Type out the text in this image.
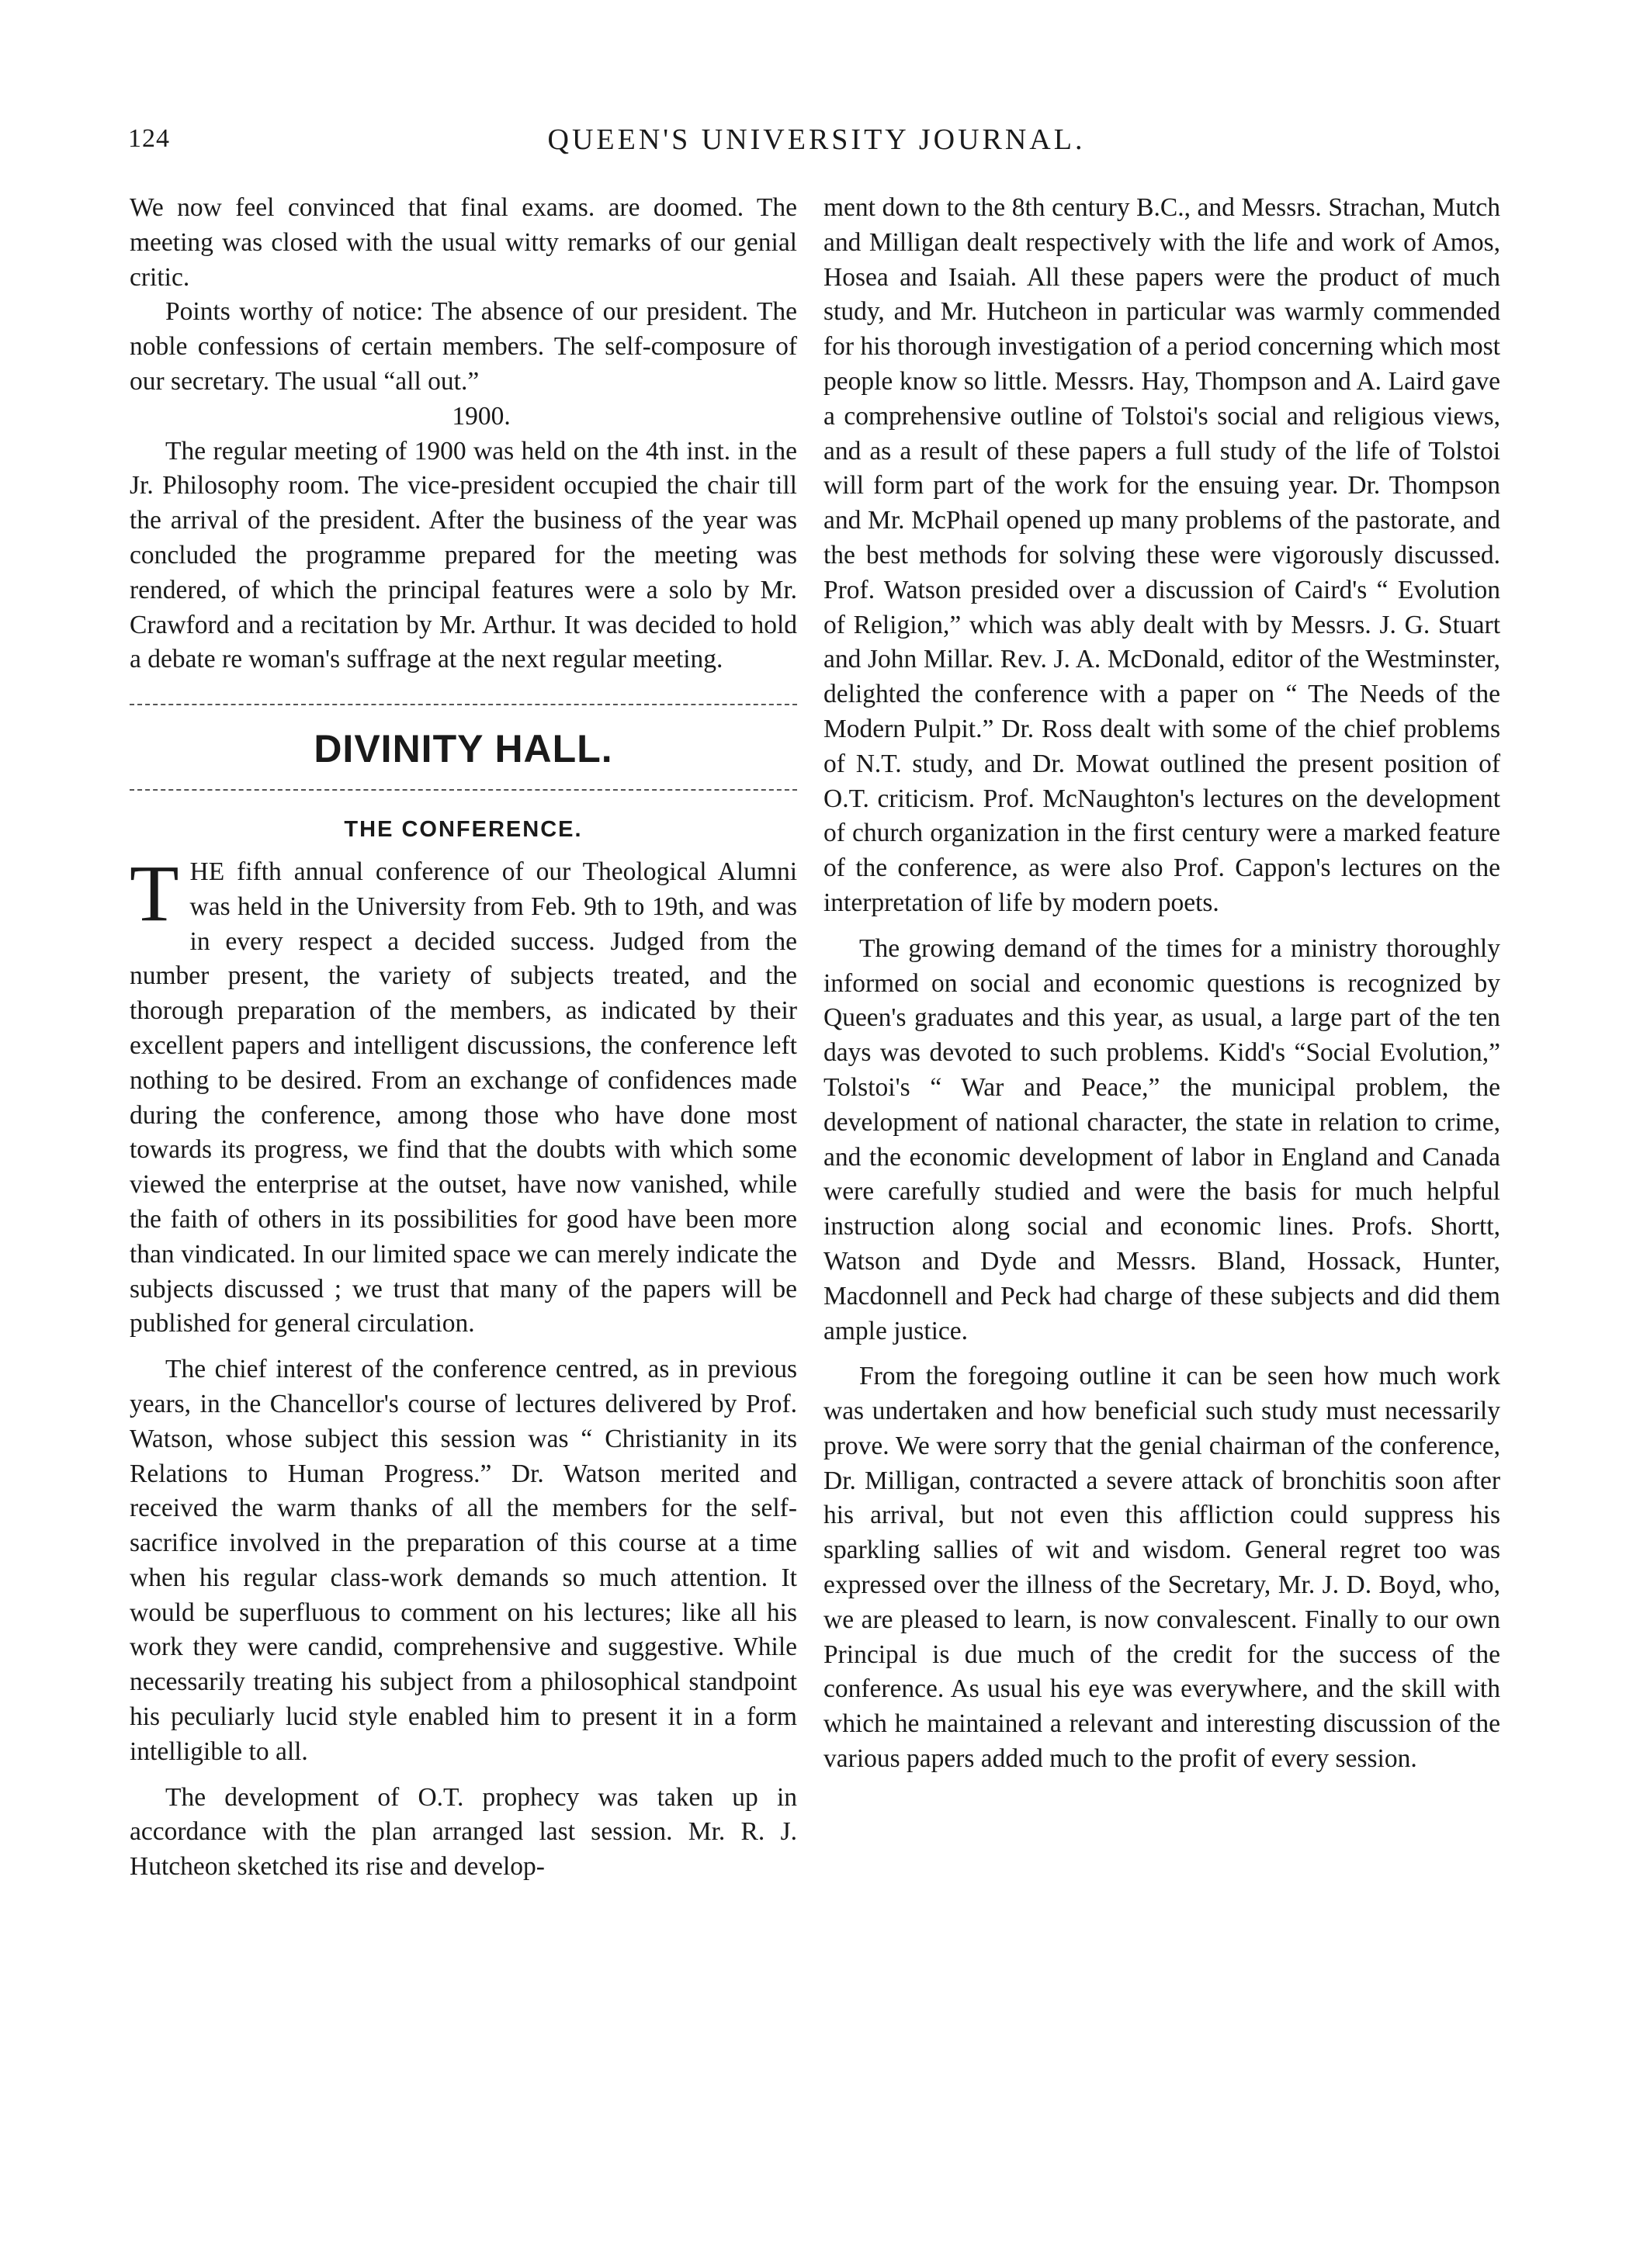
124	QUEEN'S UNIVERSITY JOURNAL.

We now feel convinced that final exams. are doomed. The meeting was closed with the usual witty remarks of our genial critic.

Points worthy of notice: The absence of our president. The noble confessions of certain members. The self-composure of our secretary. The usual “all out.”

1900.

The regular meeting of 1900 was held on the 4th inst. in the Jr. Philosophy room. The vice-president occupied the chair till the arrival of the president. After the business of the year was concluded the programme prepared for the meeting was rendered, of which the principal features were a solo by Mr. Crawford and a recitation by Mr. Arthur. It was decided to hold a debate re woman's suffrage at the next regular meeting.

DIVINITY HALL.
THE CONFERENCE.

THE fifth annual conference of our Theological Alumni was held in the University from Feb. 9th to 19th, and was in every respect a decided success. Judged from the number present, the variety of subjects treated, and the thorough preparation of the members, as indicated by their excellent papers and intelligent discussions, the conference left nothing to be desired. From an exchange of confidences made during the conference, among those who have done most towards its progress, we find that the doubts with which some viewed the enterprise at the outset, have now vanished, while the faith of others in its possibilities for good have been more than vindicated. In our limited space we can merely indicate the subjects discussed ; we trust that many of the papers will be published for general circulation.

The chief interest of the conference centred, as in previous years, in the Chancellor's course of lectures delivered by Prof. Watson, whose subject this session was “ Christianity in its Relations to Human Progress.” Dr. Watson merited and received the warm thanks of all the members for the self-sacrifice involved in the preparation of this course at a time when his regular class-work demands so much attention. It would be superfluous to comment on his lectures; like all his work they were candid, comprehensive and suggestive. While necessarily treating his subject from a philosophical standpoint his peculiarly lucid style enabled him to present it in a form intelligible to all.

The development of O.T. prophecy was taken up in accordance with the plan arranged last session. Mr. R. J. Hutcheon sketched its rise and develop-

ment down to the 8th century B.C., and Messrs. Strachan, Mutch and Milligan dealt respectively with the life and work of Amos, Hosea and Isaiah. All these papers were the product of much study, and Mr. Hutcheon in particular was warmly commended for his thorough investigation of a period concerning which most people know so little. Messrs. Hay, Thompson and A. Laird gave a comprehensive outline of Tolstoi's social and religious views, and as a result of these papers a full study of the life of Tolstoi will form part of the work for the ensuing year. Dr. Thompson and Mr. McPhail opened up many problems of the pastorate, and the best methods for solving these were vigorously discussed. Prof. Watson presided over a discussion of Caird's “ Evolution of Religion,” which was ably dealt with by Messrs. J. G. Stuart and John Millar. Rev. J. A. McDonald, editor of the Westminster, delighted the conference with a paper on “ The Needs of the Modern Pulpit.” Dr. Ross dealt with some of the chief problems of N.T. study, and Dr. Mowat outlined the present position of O.T. criticism. Prof. McNaughton's lectures on the development of church organization in the first century were a marked feature of the conference, as were also Prof. Cappon's lectures on the interpretation of life by modern poets.

The growing demand of the times for a ministry thoroughly informed on social and economic questions is recognized by Queen's graduates and this year, as usual, a large part of the ten days was devoted to such problems. Kidd's “Social Evolution,” Tolstoi's “ War and Peace,” the municipal problem, the development of national character, the state in relation to crime, and the economic development of labor in England and Canada were carefully studied and were the basis for much helpful instruction along social and economic lines. Profs. Shortt, Watson and Dyde and Messrs. Bland, Hossack, Hunter, Macdonnell and Peck had charge of these subjects and did them ample justice.

From the foregoing outline it can be seen how much work was undertaken and how beneficial such study must necessarily prove. We were sorry that the genial chairman of the conference, Dr. Milligan, contracted a severe attack of bronchitis soon after his arrival, but not even this affliction could suppress his sparkling sallies of wit and wisdom. General regret too was expressed over the illness of the Secretary, Mr. J. D. Boyd, who, we are pleased to learn, is now convalescent. Finally to our own Principal is due much of the credit for the success of the conference. As usual his eye was everywhere, and the skill with which he maintained a relevant and interesting discussion of the various papers added much to the profit of every session.
